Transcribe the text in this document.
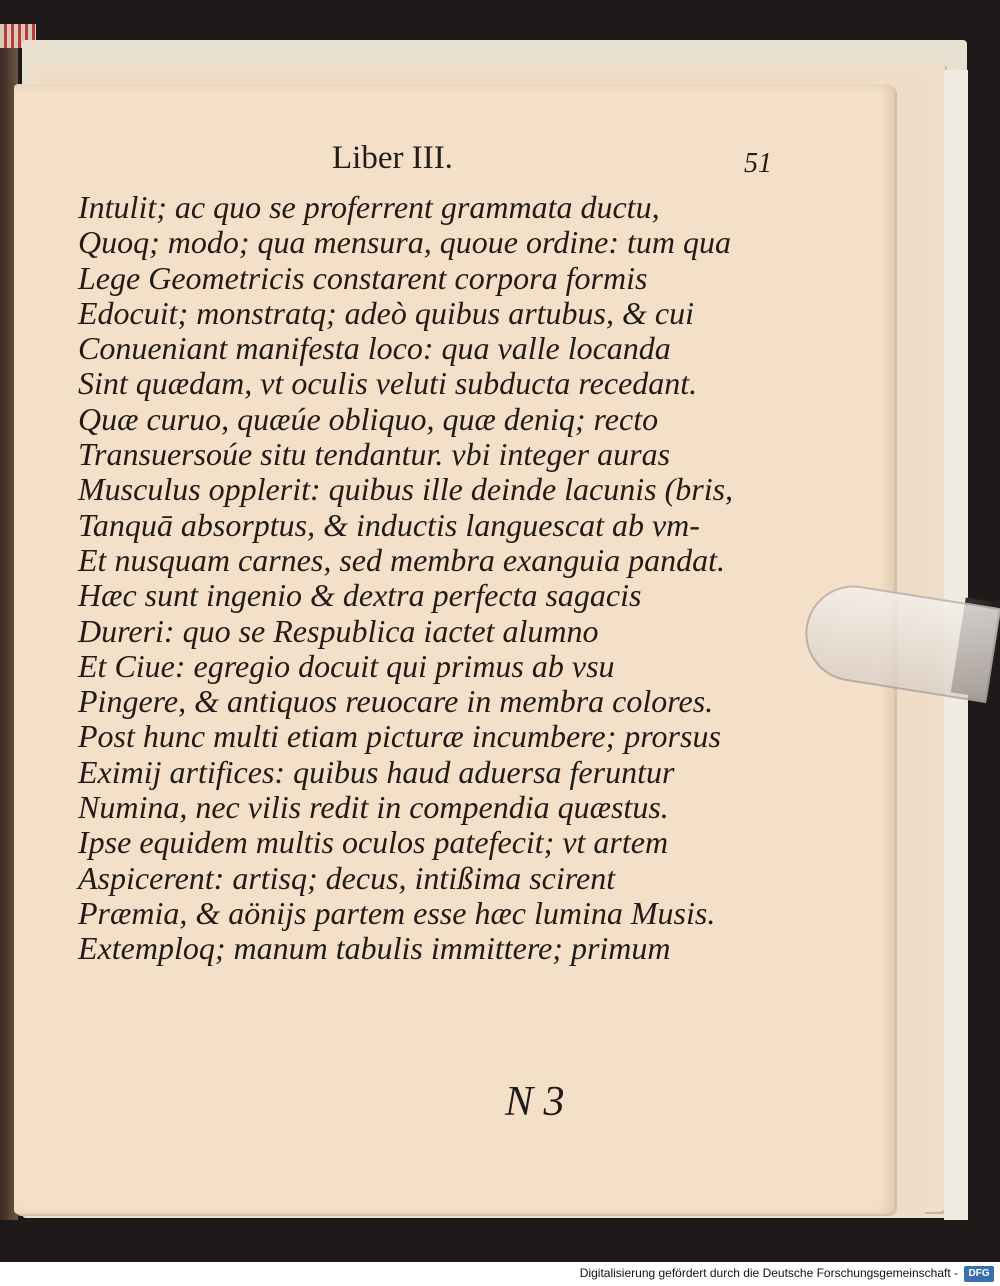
Liber III.	51

Intulit; ac quo se proferrent grammata ductu,

Quoq; modo; qua mensura, quoue ordine: tum qua

Lege Geometricis constarent corpora formis

Edocuit; monstratq; adeò quibus artubus, & cui

Conueniant manifesta loco: qua valle locanda

Sint quædam, vt oculis veluti subducta recedant.

Quæ curuo, quæúe obliquo, quæ deniq; recto

Transuersoúe situ tendantur. vbi integer auras

Musculus opplerit: quibus ille deinde lacunis (bris,

Tanquā absorptus, & inductis languescat ab vm-

Et nusquam carnes, sed membra exanguia pandat.

Hæc sunt ingenio & dextra perfecta sagacis

Dureri: quo se Respublica iactet alumno

Et Ciue: egregio docuit qui primus ab vsu

Pingere, & antiquos reuocare in membra colores.

Post hunc multi etiam picturæ incumbere; prorsus

Eximij artifices: quibus haud aduersa feruntur

Numina, nec vilis redit in compendia quæstus.

Ipse equidem multis oculos patefecit; vt artem

Aspicerent: artisq; decus, intißima scirent

Præmia, & aönijs partem esse hæc lumina Musis.

Extemploq; manum tabulis immittere; primum

N 3
Digitalisierung gefördert durch die Deutsche Forschungsgemeinschaft -	DFG
